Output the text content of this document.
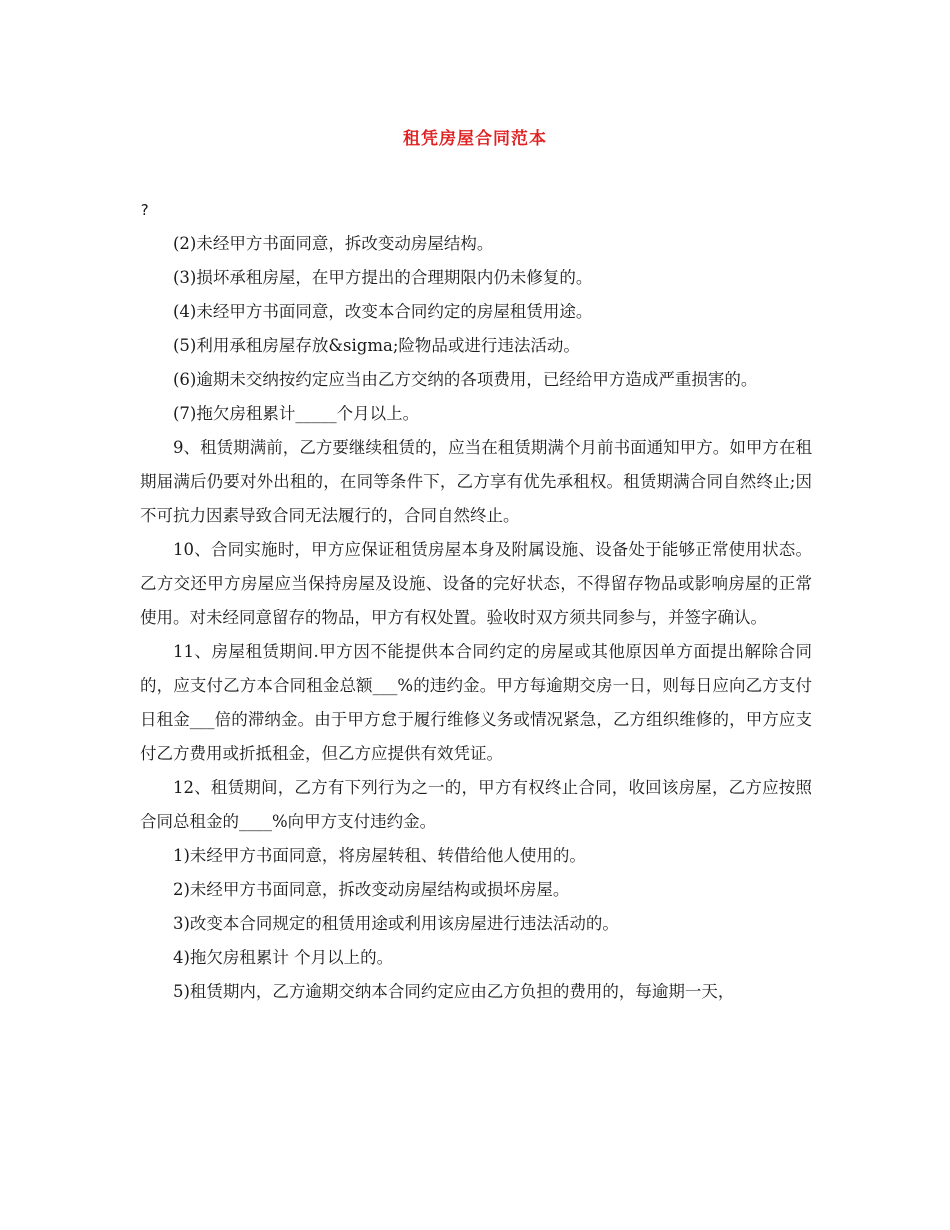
租凭房屋合同范本

?

(2)未经甲方书面同意，拆改变动房屋结构。

(3)损坏承租房屋，在甲方提出的合理期限内仍未修复的。

(4)未经甲方书面同意，改变本合同约定的房屋租赁用途。

(5)利用承租房屋存放&sigma;险物品或进行违法活动。

(6)逾期未交纳按约定应当由乙方交纳的各项费用，已经给甲方造成严重损害的。

(7)拖欠房租累计_____个月以上。

9、租赁期满前，乙方要继续租赁的，应当在租赁期满个月前书面通知甲方。如甲方在租期届满后仍要对外出租的，在同等条件下，乙方享有优先承租权。租赁期满合同自然终止;因不可抗力因素导致合同无法履行的，合同自然终止。

10、合同实施时，甲方应保证租赁房屋本身及附属设施、设备处于能够正常使用状态。乙方交还甲方房屋应当保持房屋及设施、设备的完好状态，不得留存物品或影响房屋的正常使用。对未经同意留存的物品，甲方有权处置。验收时双方须共同参与，并签字确认。

11、房屋租赁期间.甲方因不能提供本合同约定的房屋或其他原因单方面提出解除合同的，应支付乙方本合同租金总额___%的违约金。甲方每逾期交房一日，则每日应向乙方支付日租金___倍的滞纳金。由于甲方怠于履行维修义务或情况紧急，乙方组织维修的，甲方应支付乙方费用或折抵租金，但乙方应提供有效凭证。

12、租赁期间，乙方有下列行为之一的，甲方有权终止合同，收回该房屋，乙方应按照合同总租金的____%向甲方支付违约金。

1)未经甲方书面同意，将房屋转租、转借给他人使用的。

2)未经甲方书面同意，拆改变动房屋结构或损坏房屋。

3)改变本合同规定的租赁用途或利用该房屋进行违法活动的。

4)拖欠房租累计 个月以上的。

5)租赁期内，乙方逾期交纳本合同约定应由乙方负担的费用的，每逾期一天，
